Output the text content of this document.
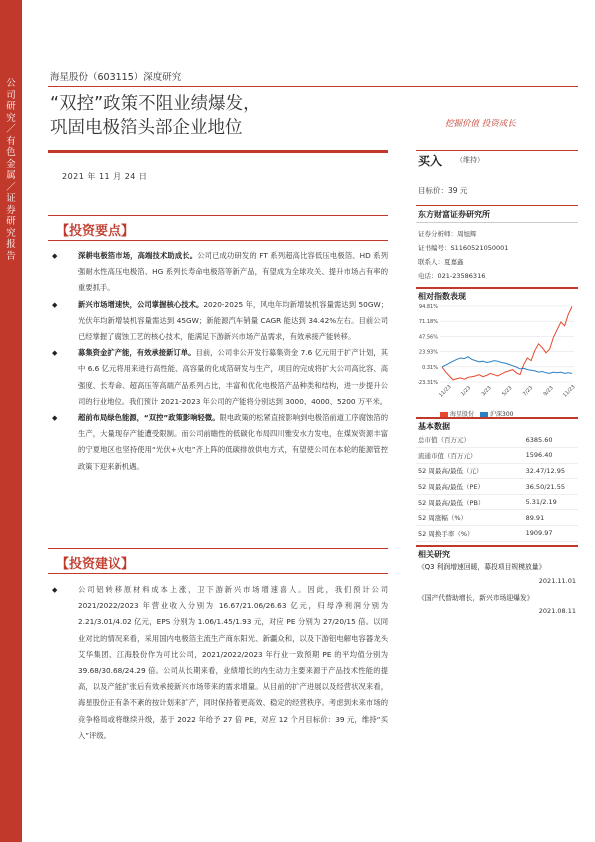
公司研究／有色金属／证券研究报告
海星股份（603115）深度研究
“双控”政策不阻业绩爆发，
巩固电极箔头部企业地位	挖掘价值 投资成长
2021 年 11 月 24 日
买入 （维持）
目标价：39 元
东方财富证券研究所
证券分析师：周旭辉
证书编号：S1160521050001
联系人：夏嘉鑫
电话：021-23586316
相对指数表现
94.81%
71.18%
47.56%
23.93%
0.31%
-23.31%
11/23 1/23 3/23 5/23 7/23 9/23 11/23
海星股份	沪深300
基本数据
总市值（百万元）	6385.60
流通市值（百万元）	1596.40
52 周最高/最低（元）	32.47/12.95
52 周最高/最低（PE）	36.50/21.55
52 周最高/最低（PB）	5.31/2.19
52 周涨幅（%）	89.91
52 周换手率（%）	1909.97
相关研究
《Q3 利润增速回暖，募投项目规模放量》
2021.11.01
《国产代替助增长，新兴市场迎爆发》
2021.08.11
【投资要点】
◆	深耕电极箔市场，高端技术助成长。公司已成功研发的 FT 系列超高比容低压电极箔、HD 系列强耐水性高压电极箔、HG 系列长寿命电极箔等新产品，有望成为全球攻关、提升市场占有率的重要抓手。
◆	新兴市场增速快，公司掌握核心技术。2020-2025 年，风电年均新增装机容量需达到 50GW；光伏年均新增装机容量需达到 45GW；新能源汽车销量 CAGR 能达到 34.42%左右。目前公司已经掌握了腐蚀工艺的核心技术，能满足下游新兴市场产品需求，有效承接产能转移。
◆	募集资金扩产能，有效承接新订单。目前，公司非公开发行募集资金 7.6 亿元用于扩产计划，其中 6.6 亿元将用来进行高性能、高容量的化成箔研发与生产，项目的完成将扩大公司高比容、高强度、长寿命、超高压等高端产品系列占比，丰富和优化电极箔产品种类和结构，进一步提升公司的行业地位。我们预计 2021-2023 年公司的产能将分别达到 3000、4000、5200 万平米。
◆	超前布局绿色能源，“双控”政策影响轻微。限电政策的松紧直接影响到电极箔前道工序腐蚀箔的生产，大量现存产能遭受限制。而公司前瞻性的低碳化布局四川雅安水力发电，在煤炭资源丰富的宁夏地区也坚持使用“光伏+火电”齐上阵的低碳排放供电方式，有望使公司在本轮的能源管控政策下迎来新机遇。
【投资建议】
◆	公司铝转移原材料成本上涨，卫下游新兴市场增速喜人。因此，我们预计公司 2021/2022/2023 年营业收入分别为 16.67/21.06/26.63 亿元，归母净利润分别为 2.21/3.01/4.02 亿元，EPS 分别为 1.06/1.45/1.93 元，对应 PE 分别为 27/20/15 倍。以同业对比的情况来看，采用国内电极箔主流生产商东阳光、新疆众和，以及下游铝电解电容器龙头艾华集团、江海股份作为可比公司，2021/2022/2023 年行业一致预期 PE 的平均值分别为 39.68/30.68/24.29 倍。公司从长期来看，业绩增长的内生动力主要来源于产品技术性能的提高，以及产能扩张后有效承接新兴市场带来的需求增量。从目前的扩产进展以及经营状况来看，海星股份正有条不紊的按计划来扩产，同时保持着更高效、稳定的经营秩序。考虑到未来市场的竞争格局或将继续升级，基于 2022 年给予 27 倍 PE，对应 12 个月目标价：39 元，维持“买入”评级。
